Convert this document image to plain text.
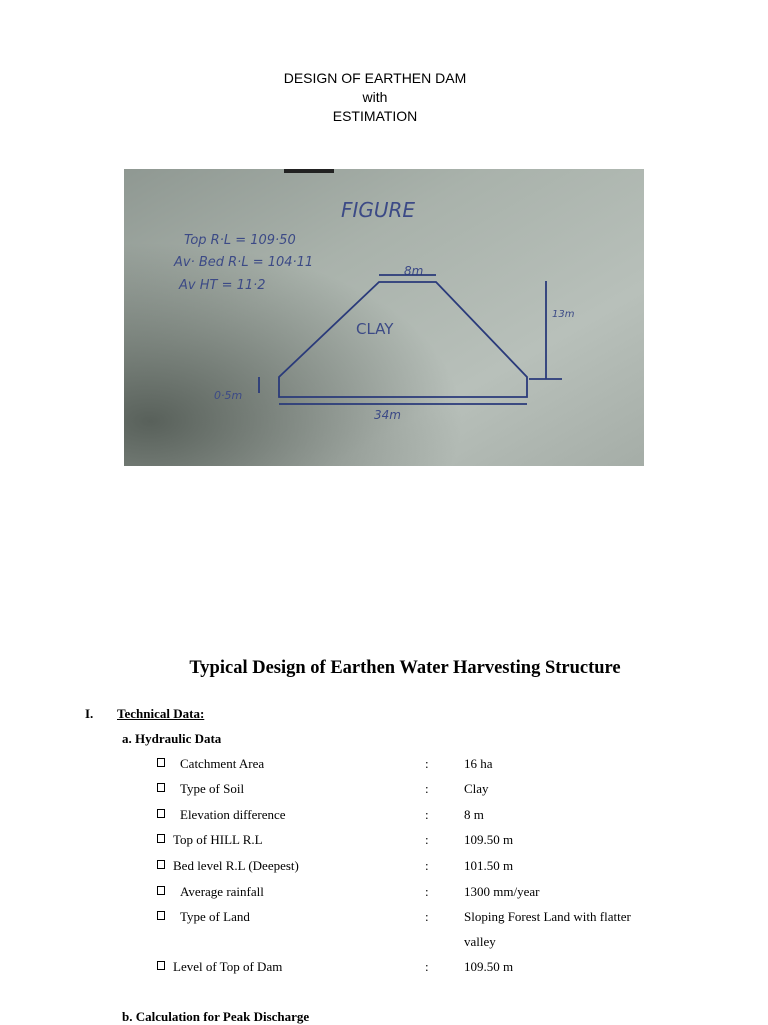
DESIGN OF EARTHEN DAM
with
ESTIMATION
FIGURE
Top R·L = 109·50
Av· Bed R·L = 104·11
Av HT = 11·2
8m
13m
CLAY
0·5m
34m
Typical Design of Earthen Water Harvesting Structure
I. Technical Data:
a. Hydraulic Data
Catchment Area	:	16 ha
Type of Soil	:	Clay
Elevation difference	:	8 m
Top of HILL R.L	:	109.50 m
Bed level R.L (Deepest)	:	101.50 m
Average rainfall	:	1300 mm/year
Type of Land	:	Sloping Forest Land with flatter valley
Level of Top of Dam	:	109.50 m
b. Calculation for Peak Discharge
